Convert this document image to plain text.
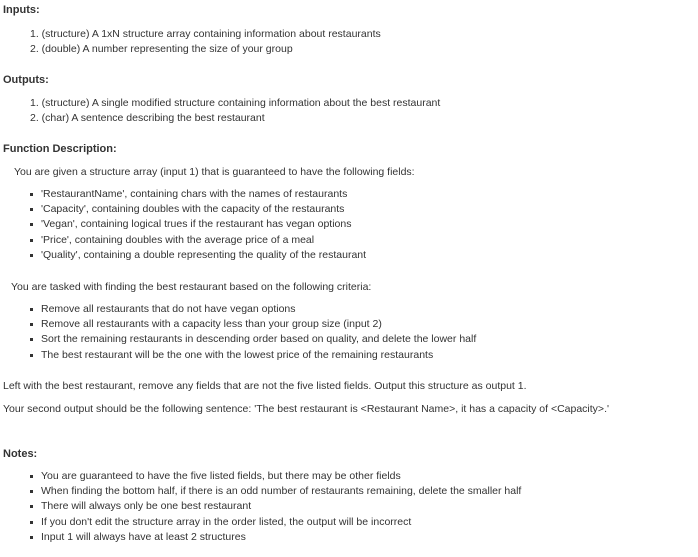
Inputs:
1. (structure) A 1xN structure array containing information about restaurants
2. (double) A number representing the size of your group
Outputs:
1. (structure) A single modified structure containing information about the best restaurant
2. (char) A sentence describing the best restaurant
Function Description:
You are given a structure array (input 1) that is guaranteed to have the following fields:
'RestaurantName', containing chars with the names of restaurants
'Capacity', containing doubles with the capacity of the restaurants
'Vegan', containing logical trues if the restaurant has vegan options
'Price', containing doubles with the average price of a meal
'Quality', containing a double representing the quality of the restaurant
You are tasked with finding the best restaurant based on the following criteria:
Remove all restaurants that do not have vegan options
Remove all restaurants with a capacity less than your group size (input 2)
Sort the remaining restaurants in descending order based on quality, and delete the lower half
The best restaurant will be the one with the lowest price of the remaining restaurants
Left with the best restaurant, remove any fields that are not the five listed fields. Output this structure as output 1.
Your second output should be the following sentence: 'The best restaurant is <Restaurant Name>, it has a capacity of <Capacity>.'
Notes:
You are guaranteed to have the five listed fields, but there may be other fields
When finding the bottom half, if there is an odd number of restaurants remaining, delete the smaller half
There will always only be one best restaurant
If you don't edit the structure array in the order listed, the output will be incorrect
Input 1 will always have at least 2 structures
